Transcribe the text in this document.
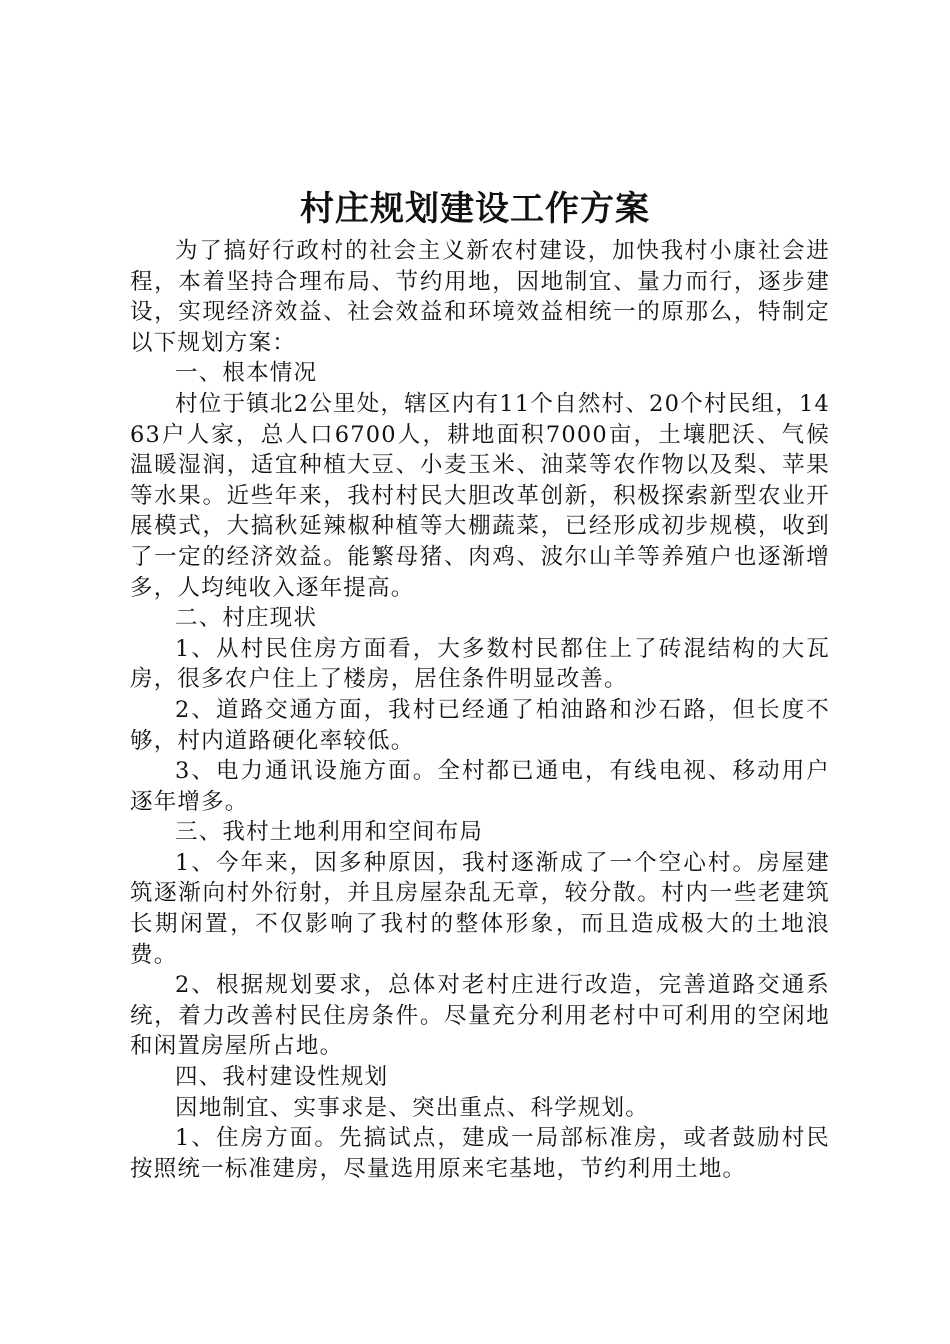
村庄规划建设工作方案

为了搞好行政村的社会主义新农村建设，加快我村小康社会进程，本着坚持合理布局、节约用地，因地制宜、量力而行，逐步建设，实现经济效益、社会效益和环境效益相统一的原那么，特制定以下规划方案：

一、根本情况

村位于镇北2公里处，辖区内有11个自然村、20个村民组，1463户人家，总人口6700人，耕地面积7000亩，土壤肥沃、气候温暖湿润，适宜种植大豆、小麦玉米、油菜等农作物以及梨、苹果等水果。近些年来，我村村民大胆改革创新，积极探索新型农业开展模式，大搞秋延辣椒种植等大棚蔬菜，已经形成初步规模，收到了一定的经济效益。能繁母猪、肉鸡、波尔山羊等养殖户也逐渐增多，人均纯收入逐年提高。

二、村庄现状

1、从村民住房方面看，大多数村民都住上了砖混结构的大瓦房，很多农户住上了楼房，居住条件明显改善。

2、道路交通方面，我村已经通了柏油路和沙石路，但长度不够，村内道路硬化率较低。

3、电力通讯设施方面。全村都已通电，有线电视、移动用户逐年增多。

三、我村土地利用和空间布局

1、今年来，因多种原因，我村逐渐成了一个空心村。房屋建筑逐渐向村外衍射，并且房屋杂乱无章，较分散。村内一些老建筑长期闲置，不仅影响了我村的整体形象，而且造成极大的土地浪费。

2、根据规划要求，总体对老村庄进行改造，完善道路交通系统，着力改善村民住房条件。尽量充分利用老村中可利用的空闲地和闲置房屋所占地。

四、我村建设性规划

因地制宜、实事求是、突出重点、科学规划。

1、住房方面。先搞试点，建成一局部标准房，或者鼓励村民按照统一标准建房，尽量选用原来宅基地，节约利用土地。
